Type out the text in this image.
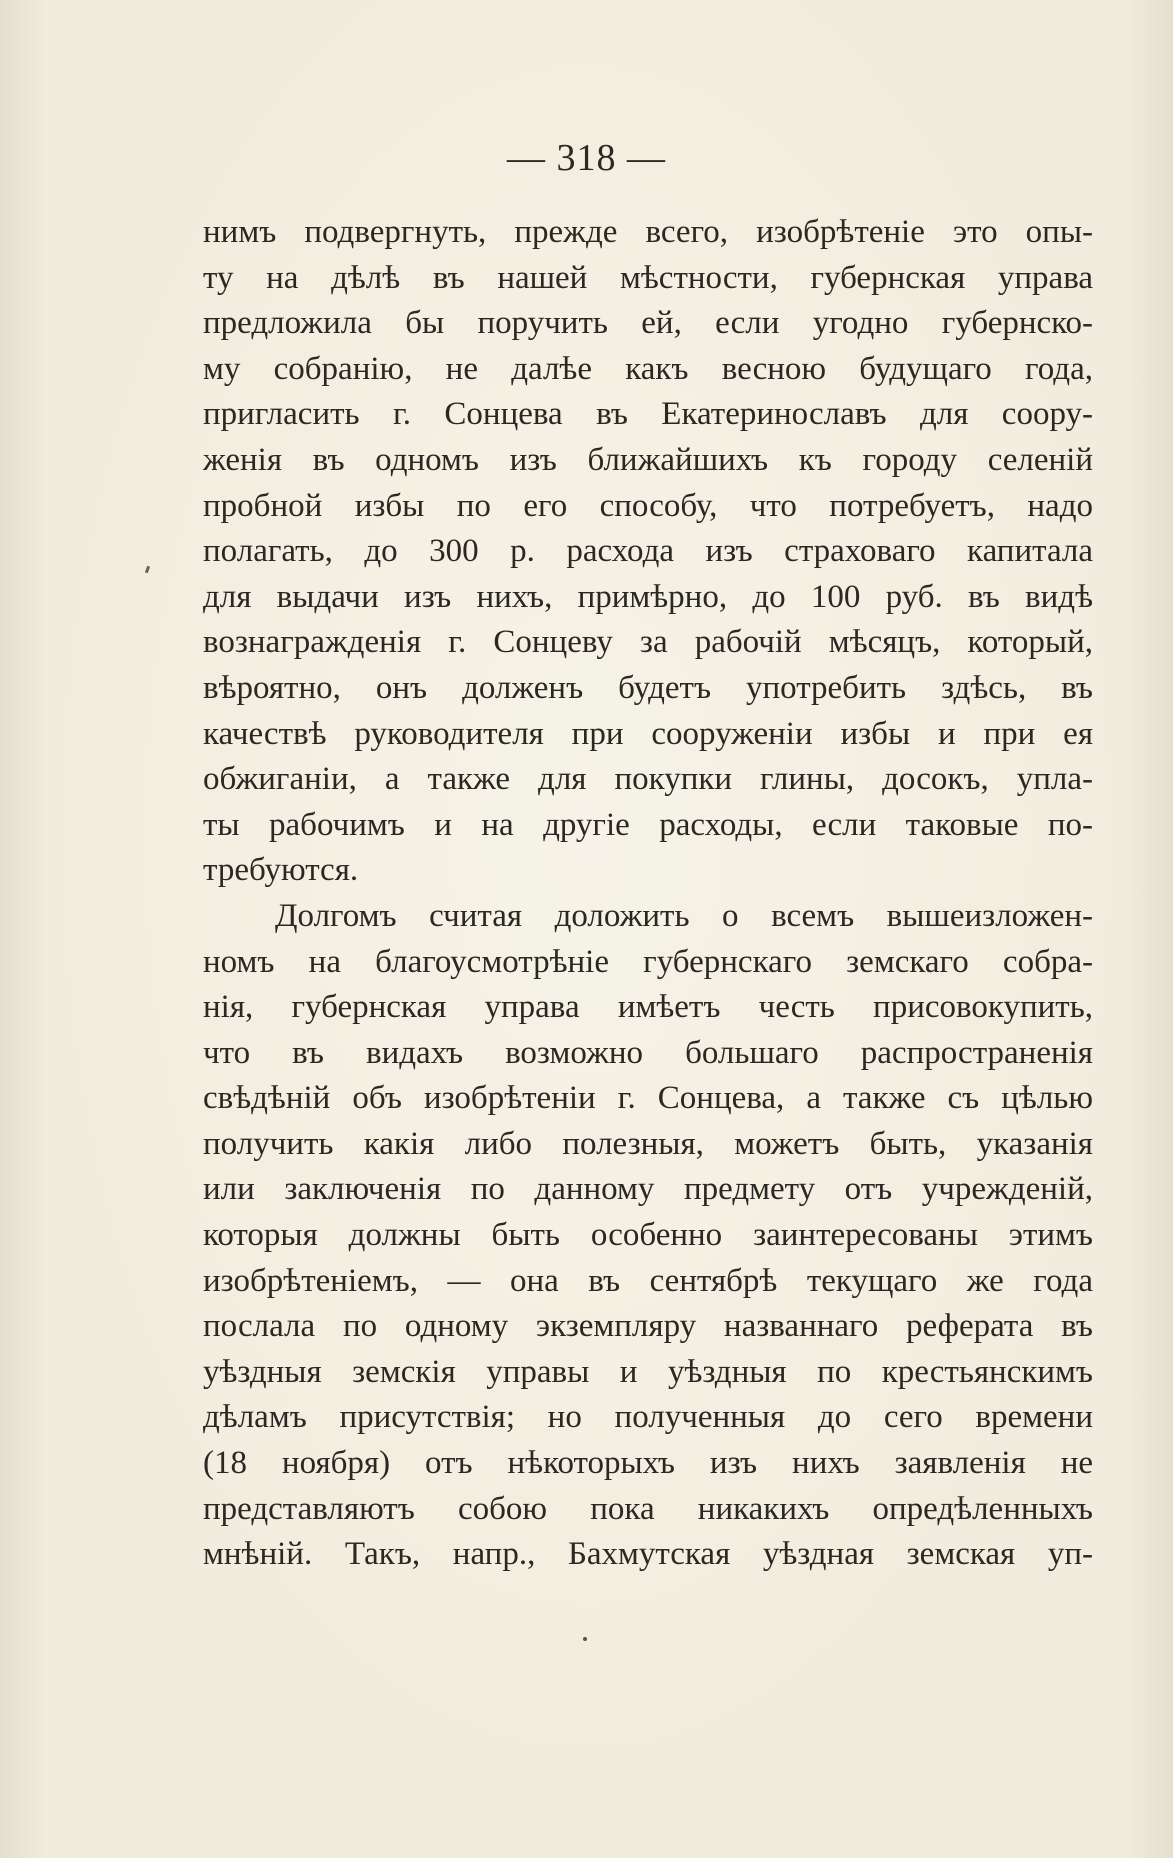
— 318 —
нимъ подвергнуть, прежде всего, изобрѣтеніе это опы-
ту на дѣлѣ въ нашей мѣстности, губернская управа
предложила бы поручить ей, если угодно губернско-
му собранію, не далѣе какъ весною будущаго года,
пригласить г. Сонцева въ Екатеринославъ для соору-
женія въ одномъ изъ ближайшихъ къ городу селеній
пробной избы по его способу, что потребуетъ, надо
полагать, до 300 р. расхода изъ страховаго капитала
для выдачи изъ нихъ, примѣрно, до 100 руб. въ видѣ
вознагражденія г. Сонцеву за рабочій мѣсяцъ, который,
вѣроятно, онъ долженъ будетъ употребить здѣсь, въ
качествѣ руководителя при сооруженіи избы и при ея
обжиганіи, а также для покупки глины, досокъ, упла-
ты рабочимъ и на другіе расходы, если таковые по-
требуются.
Долгомъ считая доложить о всемъ вышеизложен-
номъ на благоусмотрѣніе губернскаго земскаго собра-
нія, губернская управа имѣетъ честь присовокупить,
что въ видахъ возможно большаго распространенія
свѣдѣній объ изобрѣтеніи г. Сонцева, а также съ цѣлью
получить какія либо полезныя, можетъ быть, указанія
или заключенія по данному предмету отъ учрежденій,
которыя должны быть особенно заинтересованы этимъ
изобрѣтеніемъ, — она въ сентябрѣ текущаго же года
послала по одному экземпляру названнаго реферата въ
уѣздныя земскія управы и уѣздныя по крестьянскимъ
дѣламъ присутствія; но полученныя до сего времени
(18 ноября) отъ нѣкоторыхъ изъ нихъ заявленія не
представляютъ собою пока никакихъ опредѣленныхъ
мнѣній. Такъ, напр., Бахмутская уѣздная земская уп-
